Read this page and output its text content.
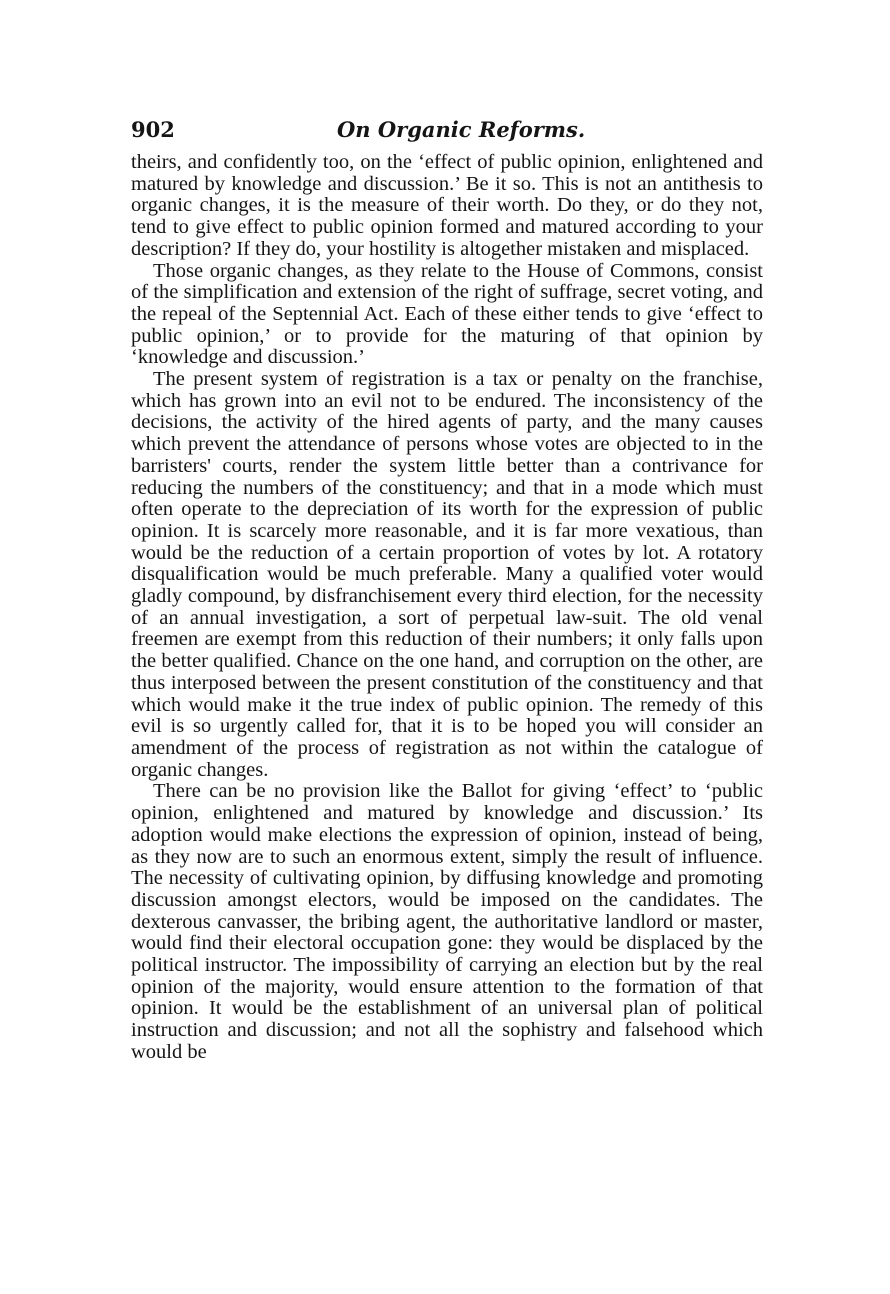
902	On Organic Reforms.

theirs, and confidently too, on the ‘effect of public opinion, enlightened and matured by knowledge and discussion.’ Be it so. This is not an antithesis to organic changes, it is the measure of their worth. Do they, or do they not, tend to give effect to public opinion formed and matured according to your description? If they do, your hostility is altogether mistaken and misplaced.

Those organic changes, as they relate to the House of Commons, consist of the simplification and extension of the right of suffrage, secret voting, and the repeal of the Septennial Act. Each of these either tends to give ‘effect to public opinion,’ or to provide for the maturing of that opinion by ‘knowledge and discussion.’

The present system of registration is a tax or penalty on the franchise, which has grown into an evil not to be endured. The inconsistency of the decisions, the activity of the hired agents of party, and the many causes which prevent the attendance of persons whose votes are objected to in the barristers' courts, render the system little better than a contrivance for reducing the numbers of the constituency; and that in a mode which must often operate to the depreciation of its worth for the expression of public opinion. It is scarcely more reasonable, and it is far more vexatious, than would be the reduction of a certain proportion of votes by lot. A rotatory disqualification would be much preferable. Many a qualified voter would gladly compound, by disfranchisement every third election, for the necessity of an annual investigation, a sort of perpetual law-suit. The old venal freemen are exempt from this reduction of their numbers; it only falls upon the better qualified. Chance on the one hand, and corruption on the other, are thus interposed between the present constitution of the constituency and that which would make it the true index of public opinion. The remedy of this evil is so urgently called for, that it is to be hoped you will consider an amendment of the process of registration as not within the catalogue of organic changes.

There can be no provision like the Ballot for giving ‘effect’ to ‘public opinion, enlightened and matured by knowledge and discussion.’ Its adoption would make elections the expression of opinion, instead of being, as they now are to such an enormous extent, simply the result of influence. The necessity of cultivating opinion, by diffusing knowledge and promoting discussion amongst electors, would be imposed on the candidates. The dexterous canvasser, the bribing agent, the authoritative landlord or master, would find their electoral occupation gone: they would be displaced by the political instructor. The impossibility of carrying an election but by the real opinion of the majority, would ensure attention to the formation of that opinion. It would be the establishment of an universal plan of political instruction and discussion; and not all the sophistry and falsehood which would be
